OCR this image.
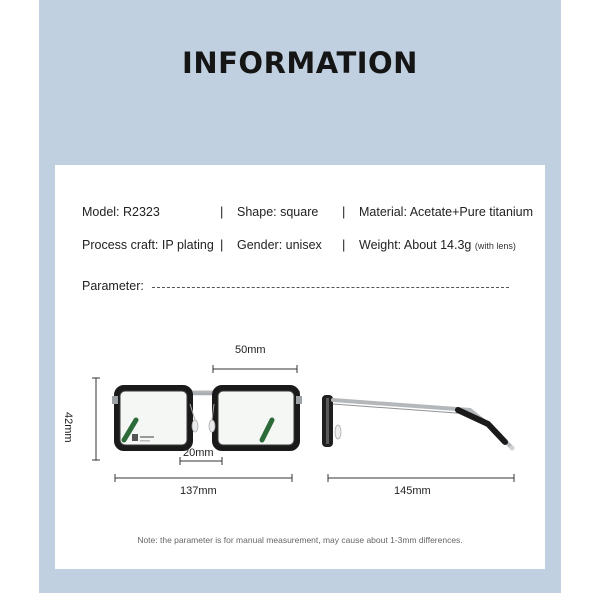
INFORMATION
Model: R2323	| Shape: square | Material: Acetate+Pure titanium
Process craft: IP plating | Gender: unisex | Weight: About 14.3g (with lens)
Parameter:
50mm
42mm
20mm
137mm	145mm
Note: the parameter is for manual measurement, may cause about 1-3mm differences.
